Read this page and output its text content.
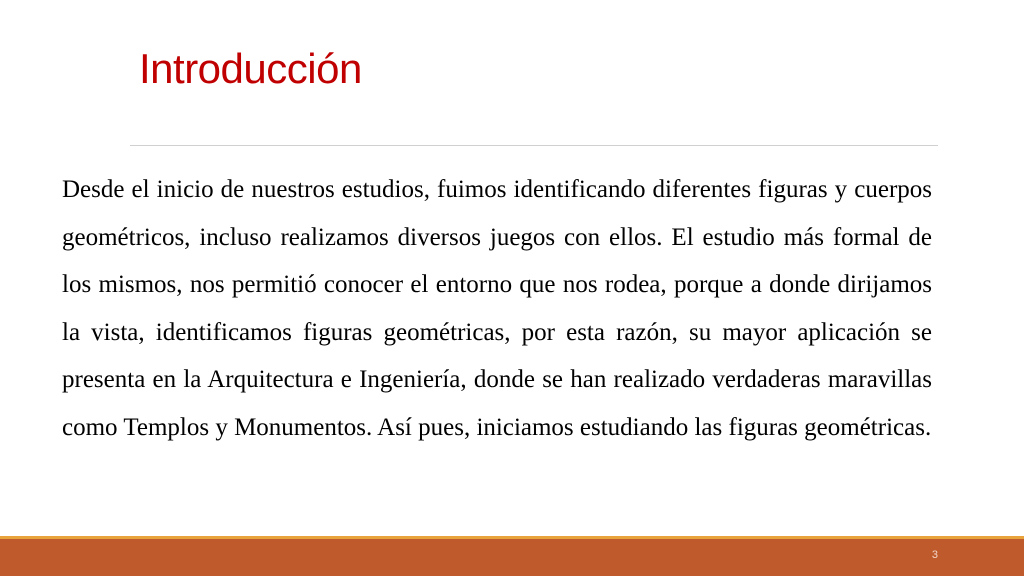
Introducción

Desde el inicio de nuestros estudios, fuimos identificando diferentes figuras y cuerpos geométricos, incluso realizamos diversos juegos con ellos. El estudio más formal de los mismos, nos permitió conocer el entorno que nos rodea, porque a donde dirijamos la vista, identificamos figuras geométricas, por esta razón, su mayor aplicación se presenta en la Arquitectura e Ingeniería, donde se han realizado verdaderas maravillas como Templos y Monumentos. Así pues, iniciamos estudiando las figuras geométricas.

3
